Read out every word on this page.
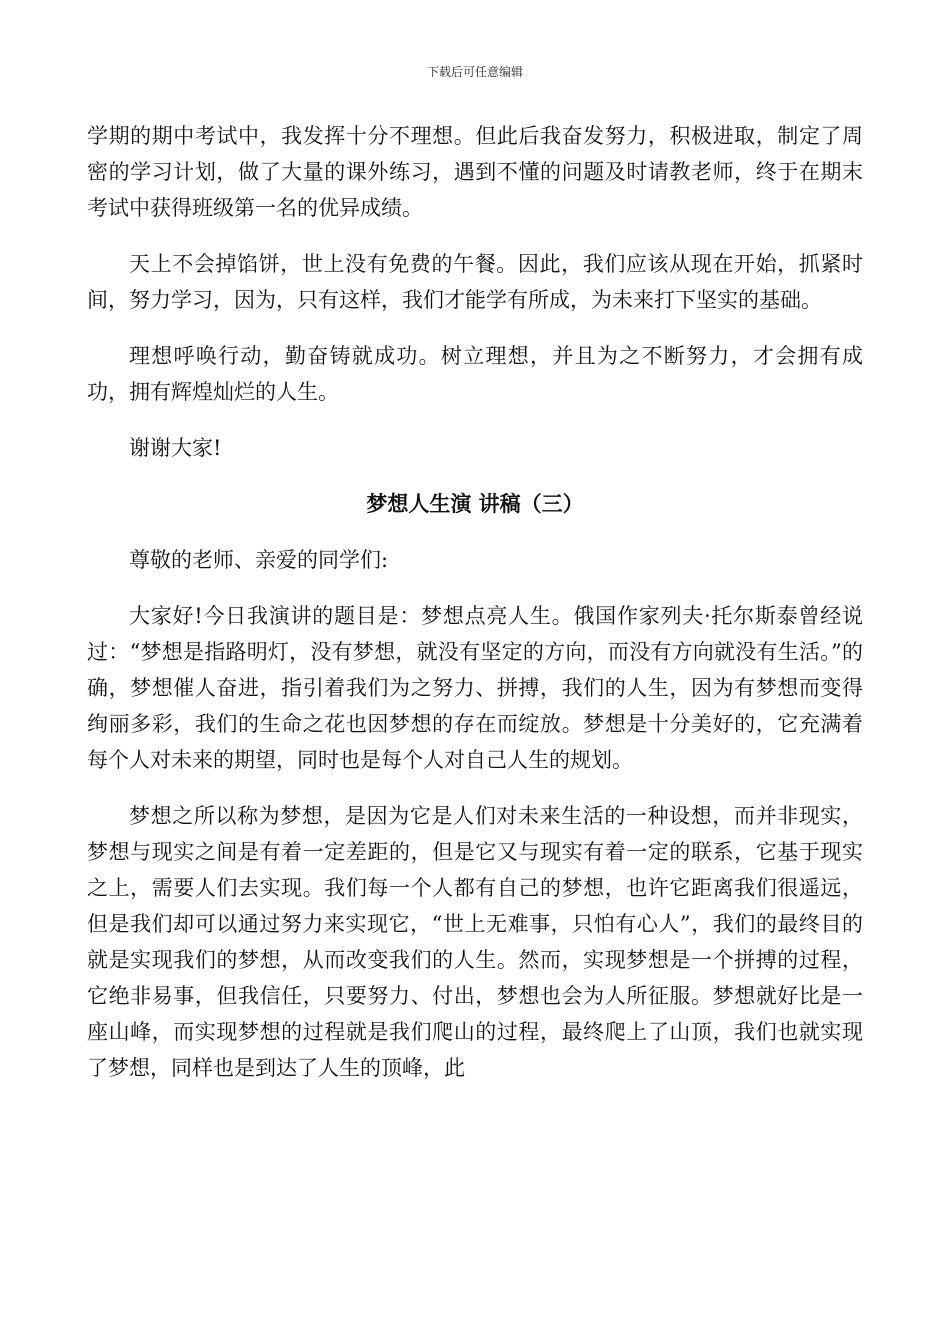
下载后可任意编辑

学期的期中考试中，我发挥十分不理想。但此后我奋发努力，积极进取，制定了周密的学习计划，做了大量的课外练习，遇到不懂的问题及时请教老师，终于在期末考试中获得班级第一名的优异成绩。

天上不会掉馅饼，世上没有免费的午餐。因此，我们应该从现在开始，抓紧时间，努力学习，因为，只有这样，我们才能学有所成，为未来打下坚实的基础。

理想呼唤行动，勤奋铸就成功。树立理想，并且为之不断努力，才会拥有成功，拥有辉煌灿烂的人生。

谢谢大家!

梦想人生演 讲稿（三）

尊敬的老师、亲爱的同学们:

大家好!今日我演讲的题目是：梦想点亮人生。俄国作家列夫·托尔斯泰曾经说过：“梦想是指路明灯，没有梦想，就没有坚定的方向，而没有方向就没有生活。”的确，梦想催人奋进，指引着我们为之努力、拼搏，我们的人生，因为有梦想而变得绚丽多彩，我们的生命之花也因梦想的存在而绽放。梦想是十分美好的，它充满着每个人对未来的期望，同时也是每个人对自己人生的规划。

梦想之所以称为梦想，是因为它是人们对未来生活的一种设想，而并非现实，梦想与现实之间是有着一定差距的，但是它又与现实有着一定的联系，它基于现实之上，需要人们去实现。我们每一个人都有自己的梦想，也许它距离我们很遥远，但是我们却可以通过努力来实现它，“世上无难事，只怕有心人”，我们的最终目的就是实现我们的梦想，从而改变我们的人生。然而，实现梦想是一个拼搏的过程，它绝非易事，但我信任，只要努力、付出，梦想也会为人所征服。梦想就好比是一座山峰，而实现梦想的过程就是我们爬山的过程，最终爬上了山顶，我们也就实现了梦想，同样也是到达了人生的顶峰，此
